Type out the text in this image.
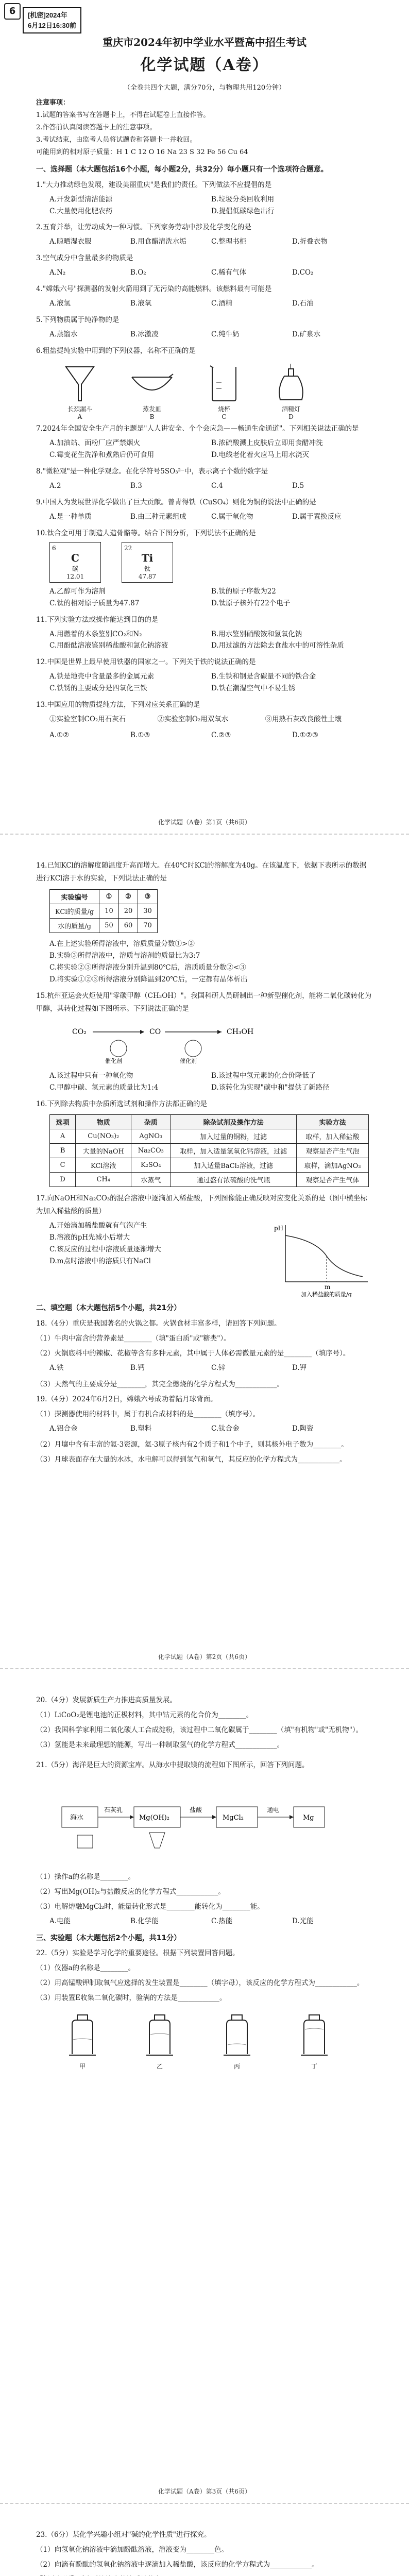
6	[机密]2024年
6月12日16:30前
重庆市2024年初中学业水平暨高中招生考试
化学试题（A卷）
（全卷共四个大题，满分70分，与物理共用120分钟）

注意事项：

1.试题的答案书写在答题卡上，不得在试题卷上直接作答。

2.作答前认真阅读答题卡上的注意事项。

3.考试结束，由监考人员将试题卷和答题卡一并收回。

可能用到的相对原子质量：H 1 C 12 O 16 Na 23 S 32 Fe 56 Cu 64

一、选择题（本大题包括16个小题，每小题2分，共32分）每小题只有一个选项符合题意。
1."大力推动绿色发展，建设美丽重庆"是我们的责任。下列做法不应提倡的是
A.开发新型清洁能源	B.垃圾分类回收利用
C.大量使用化肥农药	D.提倡低碳绿色出行
2.五育并举，让劳动成为一种习惯。下列家务劳动中涉及化学变化的是
A.晾晒湿衣服	B.用食醋清洗水垢	C.整理书柜	D.折叠衣物
3.空气成分中含量最多的物质是
A.N₂	B.O₂	C.稀有气体	D.CO₂
4."嫦娥六号"探测器的发射火箭用到了无污染的高能燃料。该燃料最有可能是
A.液氢	B.液氧	C.酒精	D.石油
5.下列物质属于纯净物的是
A.蒸馏水	B.冰激凌	C.纯牛奶	D.矿泉水
6.粗盐提纯实验中用到的下列仪器，名称不正确的是
长颈漏斗
A
蒸发皿
B
烧杯
C
酒精灯
D
7.2024年全国安全生产月的主题是"人人讲安全、个个会应急——畅通生命通道"。下列相关说法正确的是
A.加油站、面粉厂应严禁烟火	B.浓硫酸溅上皮肤后立即用食醋冲洗
C.霉变花生洗净和煮熟后仍可食用	D.电线老化着火应马上用水浇灭
8."微粒观"是一种化学观念。在化学符号5SO₃²⁻中，表示离子个数的数字是
A.2	B.3	C.4	D.5
9.中国人为发展世界化学做出了巨大贡献。曾青得铁（CuSO₄）则化为铜的说法中正确的是
A.是一种单质	B.由三种元素组成	C.属于氧化物	D.属于置换反应
10.钛合金可用于制造人造骨骼等。结合下图分析，下列说法不正确的是
6
C
碳
12.01
22
Ti
钛
47.87
A.乙醇可作为溶剂	B.钛的原子序数为22
C.钛的相对原子质量为47.87	D.钛原子核外有22个电子
11.下列实验方法或操作能达到目的的是
A.用燃着的木条鉴别CO₂和N₂	B.用水鉴别硝酸铵和氢氧化钠
C.用酚酞溶液鉴别稀盐酸和氯化钠溶液	D.用过滤的方法除去食盐水中的可溶性杂质
12.中国是世界上最早使用铁器的国家之一。下列关于铁的说法正确的是
A.铁是地壳中含量最多的金属元素	B.生铁和钢是含碳量不同的铁合金
C.铁锈的主要成分是四氧化三铁	D.铁在潮湿空气中不易生锈
13.中国应用的物质提纯方法，下列对应关系正确的是
①实验室制CO₂用石灰石	②实验室制O₂用双氧水	③用熟石灰改良酸性土壤
A.①②	B.①③	C.②③	D.①②③
化学试题（A卷）第1页（共6页）
14.已知KCl的溶解度随温度升高而增大。在40℃时KCl的溶解度为40g。在该温度下，依据下表所示的数据进行KCl溶于水的实验，下列说法正确的是
实验编号	①	②	③
KCl的质量/g	10	20	30
水的质量/g	50	60	70
A.在上述实验所得溶液中，溶质质量分数①>②
B.实验③所得溶液中，溶质与溶剂的质量比为3:7
C.将实验②③所得溶液分别升温到80℃后，溶质质量分数②<③
D.将实验①②③所得溶液分别降温到20℃后，一定都有晶体析出
15.杭州亚运会火炬使用"零碳甲醇（CH₃OH）"。我国科研人员研制出一种新型催化剂，能将二氧化碳转化为甲醇，其转化过程如下图所示。下列说法正确的是
CO₂	CO	CH₃OH
催化剂	催化剂
A.该过程中只有一种氧化物	B.该过程中氢元素的化合价降低了
C.甲醇中碳、氢元素的质量比为1:4	D.该转化为实现"碳中和"提供了新路径
16.下列除去物质中杂质所选试剂和操作方法都正确的是
选项	物质	杂质	除杂试剂及操作方法	实验方法
A	Cu(NO₃)₂	AgNO₃	加入过量的铜粉，过滤	取样，加入稀盐酸
B	大量的NaOH	Na₂CO₃	取样，加入适量氢氧化钙溶液，过滤	观察是否产生气泡
C	KCl溶液	K₂SO₄	加入适量BaCl₂溶液，过滤	取样，滴加AgNO₃
D	CH₄	水蒸气	通过盛有浓硫酸的洗气瓶	观察是否产生气体
17.向NaOH和Na₂CO₃的混合溶液中逐滴加入稀盐酸，下列图像能正确反映对应变化关系的是（图中横坐标为加入稀盐酸的质量）
A.开始滴加稀盐酸就有气泡产生
B.溶液的pH先减小后增大
C.该反应的过程中溶液质量逐渐增大
D.m点时溶液中的溶质只有NaCl
pH
m
加入稀盐酸的质量/g
二、填空题（本大题包括5个小题，共21分）
18.（4分）重庆是我国著名的火锅之都。火锅食材丰富多样，请回答下列问题。
（1）牛肉中富含的营养素是________（填"蛋白质"或"糖类"）。
（2）火锅底料中的辣椒、花椒等含有多种元素，其中属于人体必需微量元素的是________（填序号）。
A.铁	B.钙	C.锌	D.钾
（3）天然气的主要成分是________，其完全燃烧的化学方程式为____________。
19.（4分）2024年6月2日，嫦娥六号成功着陆月球背面。
（1）探测器使用的材料中，属于有机合成材料的是________（填序号）。
A.铝合金	B.塑料	C.钛合金	D.陶瓷
（2）月壤中含有丰富的氦-3资源，氦-3原子核内有2个质子和1个中子，则其核外电子数为________。
（3）月球表面存在大量的水冰，水电解可以得到氢气和氧气，其反应的化学方程式为____________。
化学试题（A卷）第2页（共6页）
20.（4分）发展新质生产力推进高质量发展。
（1）LiCoO₂是锂电池的正极材料，其中钴元素的化合价为________。
（2）我国科学家利用二氧化碳人工合成淀粉，该过程中二氧化碳属于________（填"有机物"或"无机物"）。
（3）氢能是未来最理想的能源，写出一种制取氢气的化学方程式____________。
21.（5分）海洋是巨大的资源宝库。从海水中提取镁的流程如下图所示，回答下列问题。
海水
石灰乳
Mg(OH)₂
盐酸
MgCl₂
通电
Mg
（1）操作a的名称是________。
（2）写出Mg(OH)₂与盐酸反应的化学方程式____________。
（3）电解熔融MgCl₂时，能量转化形式是________能转化为________能。
A.电能	B.化学能	C.热能	D.光能
三、实验题（本大题包括2个小题，共11分）
22.（5分）实验是学习化学的重要途径。根据下列装置回答问题。
（1）仪器a的名称是________。
（2）用高锰酸钾制取氧气应选择的发生装置是________（填字母），该反应的化学方程式为____________。
（3）用装置E收集二氧化碳时，验满的方法是____________。
甲	乙	丙	丁
化学试题（A卷）第3页（共6页）
23.（6分）某化学兴趣小组对"碱的化学性质"进行探究。
（1）向氢氧化钠溶液中滴加酚酞溶液，溶液变为________色。
（2）向滴有酚酞的氢氧化钠溶液中逐滴加入稀盐酸，该反应的化学方程式为____________。
